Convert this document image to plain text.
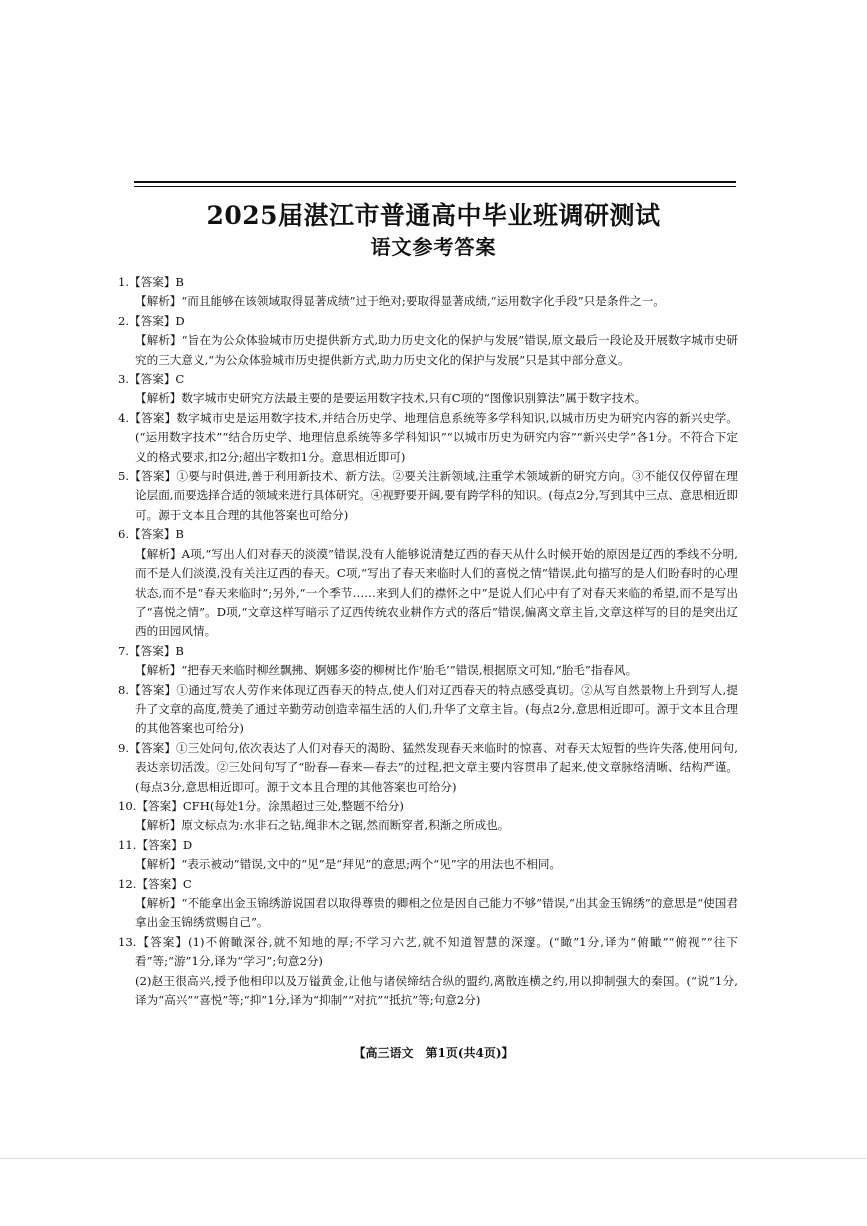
2025届湛江市普通高中毕业班调研测试
语文参考答案
1.【答案】B
【解析】“而且能够在该领域取得显著成绩”过于绝对;要取得显著成绩,“运用数字化手段”只是条件之一。
2.【答案】D
【解析】“旨在为公众体验城市历史提供新方式,助力历史文化的保护与发展”错误,原文最后一段论及开展数字城市史研究的三大意义,“为公众体验城市历史提供新方式,助力历史文化的保护与发展”只是其中部分意义。
3.【答案】C
【解析】数字城市史研究方法最主要的是要运用数字技术,只有C项的“图像识别算法”属于数字技术。
4.【答案】数字城市史是运用数字技术,并结合历史学、地理信息系统等多学科知识,以城市历史为研究内容的新兴史学。(“运用数字技术”“结合历史学、地理信息系统等多学科知识”“以城市历史为研究内容”“新兴史学”各1分。不符合下定义的格式要求,扣2分;超出字数扣1分。意思相近即可)
5.【答案】①要与时俱进,善于利用新技术、新方法。②要关注新领域,注重学术领域新的研究方向。③不能仅仅停留在理论层面,而要选择合适的领域来进行具体研究。④视野要开阔,要有跨学科的知识。(每点2分,写到其中三点、意思相近即可。源于文本且合理的其他答案也可给分)
6.【答案】B
【解析】A项,“写出人们对春天的淡漠”错误,没有人能够说清楚辽西的春天从什么时候开始的原因是辽西的季线不分明,而不是人们淡漠,没有关注辽西的春天。C项,“写出了春天来临时人们的喜悦之情”错误,此句描写的是人们盼春时的心理状态,而不是“春天来临时”;另外,“一个季节……来到人们的襟怀之中”是说人们心中有了对春天来临的希望,而不是写出了“喜悦之情”。D项,“文章这样写暗示了辽西传统农业耕作方式的落后”错误,偏离文章主旨,文章这样写的目的是突出辽西的田园风情。
7.【答案】B
【解析】“把春天来临时柳丝飘拂、婀娜多姿的柳树比作‘胎毛’”错误,根据原文可知,“胎毛”指春风。
8.【答案】①通过写农人劳作来体现辽西春天的特点,使人们对辽西春天的特点感受真切。②从写自然景物上升到写人,提升了文章的高度,赞美了通过辛勤劳动创造幸福生活的人们,升华了文章主旨。(每点2分,意思相近即可。源于文本且合理的其他答案也可给分)
9.【答案】①三处问句,依次表达了人们对春天的渴盼、猛然发现春天来临时的惊喜、对春天太短暂的些许失落,使用问句,表达亲切活泼。②三处问句写了“盼春—春来—春去”的过程,把文章主要内容贯串了起来,使文章脉络清晰、结构严谨。(每点3分,意思相近即可。源于文本且合理的其他答案也可给分)
10.【答案】CFH(每处1分。涂黑超过三处,整题不给分)
【解析】原文标点为:水非石之钻,绳非木之锯,然而断穿者,积渐之所成也。
11.【答案】D
【解析】“表示被动”错误,文中的“见”是“拜见”的意思;两个“见”字的用法也不相同。
12.【答案】C
【解析】“不能拿出金玉锦绣游说国君以取得尊贵的卿相之位是因自己能力不够”错误,“出其金玉锦绣”的意思是“使国君拿出金玉锦绣赏赐自己”。
13.【答案】(1)不俯瞰深谷,就不知地的厚;不学习六艺,就不知道智慧的深邃。(“瞰”1分,译为“俯瞰”“俯视”“往下看”等;“游”1分,译为“学习”;句意2分)
(2)赵王很高兴,授予他相印以及万镒黄金,让他与诸侯缔结合纵的盟约,离散连横之约,用以抑制强大的秦国。(“说”1分,译为“高兴”“喜悦”等;“抑”1分,译为“抑制”“对抗”“抵抗”等;句意2分)
【高三语文　第1页(共4页)】
